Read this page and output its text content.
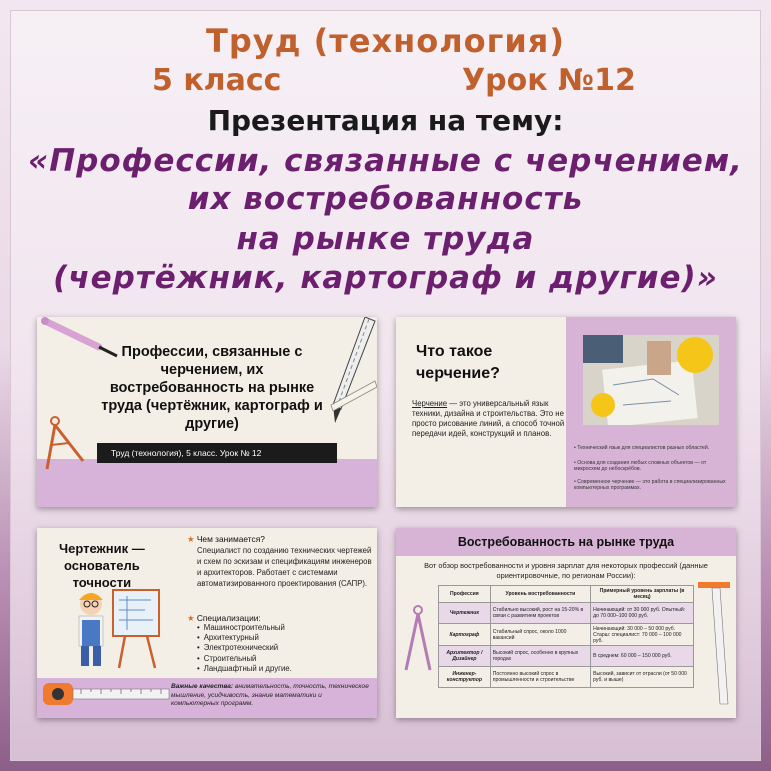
Труд (технология)
5 класс	Урок №12
Презентация на тему:
«Профессии, связанные с черчением,
их востребованность
на рынке труда
(чертёжник, картограф и другие)»
Профессии, связанные с черчением, их востребованность на рынке труда (чертёжник, картограф и другие)
Труд (технология), 5 класс. Урок № 12
Что такое
черчение?
Черчение — это универсальный язык техники, дизайна и строительства. Это не просто рисование линий, а способ точной передачи идей, конструкций и планов.
• Технический язык для специалистов разных областей.
• Основа для создания любых сложных объектов — от микросхем до небоскрёбов.
• Современное черчение — это работа в специализированных компьютерных программах.
Чертежник —
основатель
точности
★ Чем занимается?
Специалист по созданию технических чертежей и схем по эскизам и спецификациям инженеров и архитекторов. Работает с системами автоматизированного проектирования (САПР).
★ Специализации:
• Машиностроительный
• Архитектурный
• Электротехнический
• Строительный
• Ландшафтный и другие.
Важные качества: внимательность, точность, техническое мышление, усидчивость, знание математики и компьютерных программ.
Востребованность на рынке труда
Вот обзор востребованности и уровня зарплат для некоторых профессий (данные ориентировочные, по регионам России):
Профессия	Уровень востребованности	Примерный уровень зарплаты (в месяц)
Чертежник	Стабильно высокий, рост на 15-20% в связи с развитием проектов	Начинающий: от 30 000 руб. Опытный: до 70 000–100 000 руб.
Картограф	Стабильный спрос, около 1000 вакансий	Начинающий: 30 000 – 50 000 руб. Старш: специалист: 70 000 – 100 000 руб.
Архитектор / Дизайнер	Высокий спрос, особенно в крупных городах	В среднем: 60 000 – 150 000 руб.
Инженер-конструктор	Постоянно высокий спрос в промышленности и строительстве	Высокий, зависит от отрасли (от 50 000 руб. и выше)
